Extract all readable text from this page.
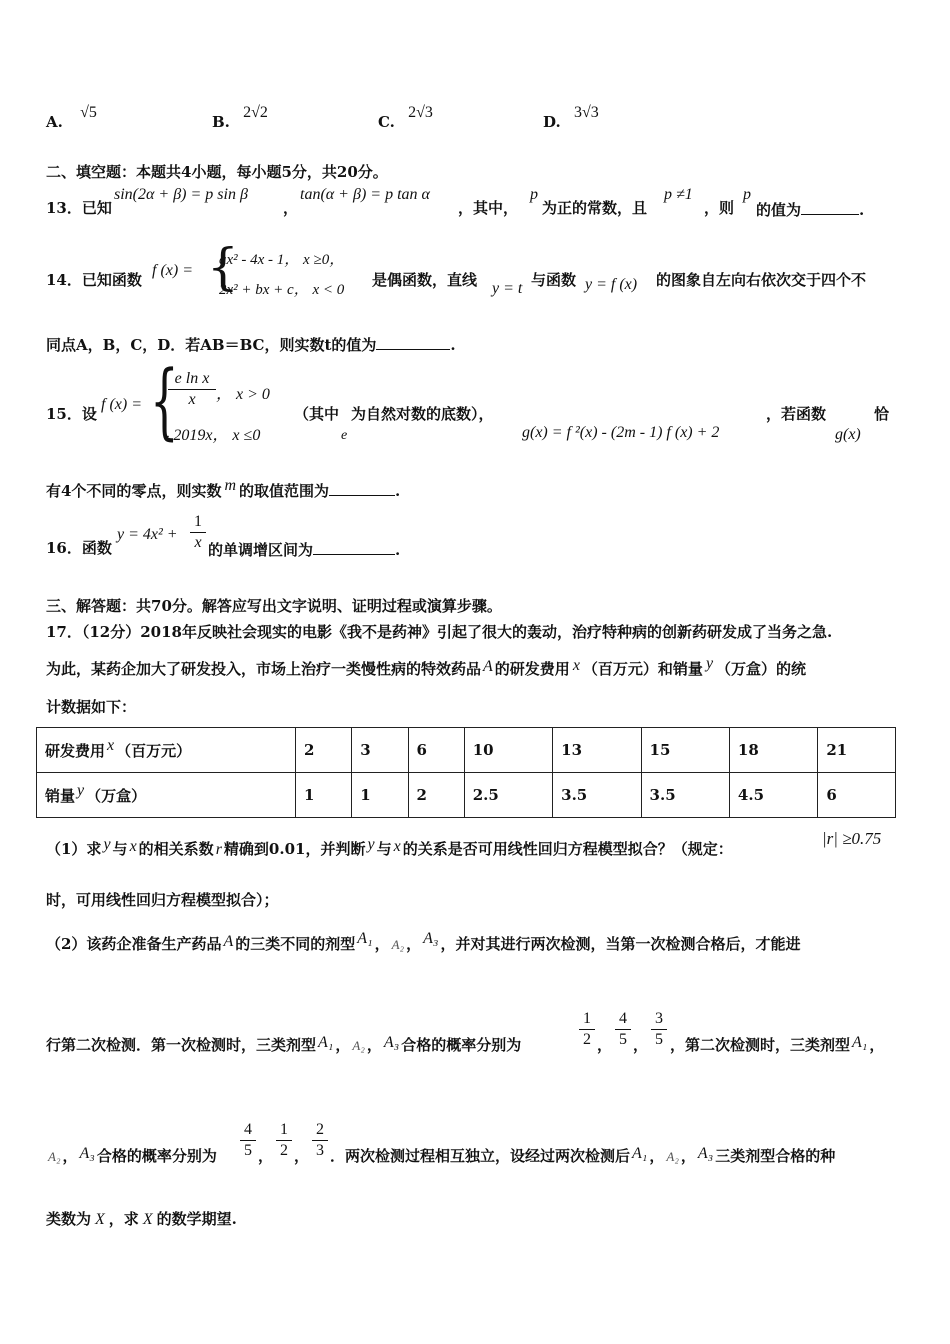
A. √5
B. 2√2
C. 2√3
D. 3√3
二、填空题：本题共4小题，每小题5分，共20分。
13．已知
sin(2α + β) = p sin β
，
tan(α + β) = p tan α
，其中，
p
为正的常数，且
p ≠1
，则
p
的值为	.
14．已知函数
f (x) = {
ax² - 4x - 1， x ≥0，
2x² + bx + c， x < 0
是偶函数，直线 y = t 与函数 y = f (x) 的图象自左向右依次交于四个不
同点A，B，C，D．若AB＝BC，则实数t的值为	.
15．设
f (x) = {
$\frac{\text{e ln x}}{x}$ ， x > 0
- 2019x， x ≤0
（其中
e
为自然对数的底数），
g(x) = f ²(x) - (2m - 1) f (x) + 2
，若函数
g(x)
恰
有4个不同的零点，则实数 m 的取值范围为	.
16．函数
$y = 4x^2 + \frac{1}{x}$ 的单调增区间为	.
三、解答题：共70分。解答应写出文字说明、证明过程或演算步骤。
17．（12分）2018年反映社会现实的电影《我不是药神》引起了很大的轰动，治疗特种病的创新药研发成了当务之急.
为此，某药企加大了研发投入，市场上治疗一类慢性病的特效药品 A 的研发费用 x （百万元）和销量 y （万盒）的统
计数据如下：
研发费用 x （百万元）	2	3	6	10	13	15	18	21
销量 y （万盒）	1	1	2	2.5	3.5	3.5	4.5	6
（1）求 y 与 x 的相关系数 r 精确到0.01，并判断 y 与 x 的关系是否可用线性回归方程模型拟合？（规定：
|r| ≥0.75
时，可用线性回归方程模型拟合）；
（2）该药企准备生产药品 A 的三类不同的剂型 A₁ ， A₂ ， A₃ ，并对其进行两次检测，当第一次检测合格后，才能进
行第二次检测．第一次检测时，三类剂型 A₁ ， A₂ ， A₃ 合格的概率分别为	$\frac{1}{2}$ ， $\frac{4}{5}$ ， $\frac{3}{5}$ ，第二次检测时，三类剂型 A₁ ，
A₂ ， A₃ 合格的概率分别为 $\frac{4}{5}$ ， $\frac{1}{2}$ ， $\frac{2}{3}$ ．两次检测过程相互独立，设经过两次检测后 A₁ ， A₂ ， A₃ 三类剂型合格的种
类数为 X ，求 X 的数学期望.
